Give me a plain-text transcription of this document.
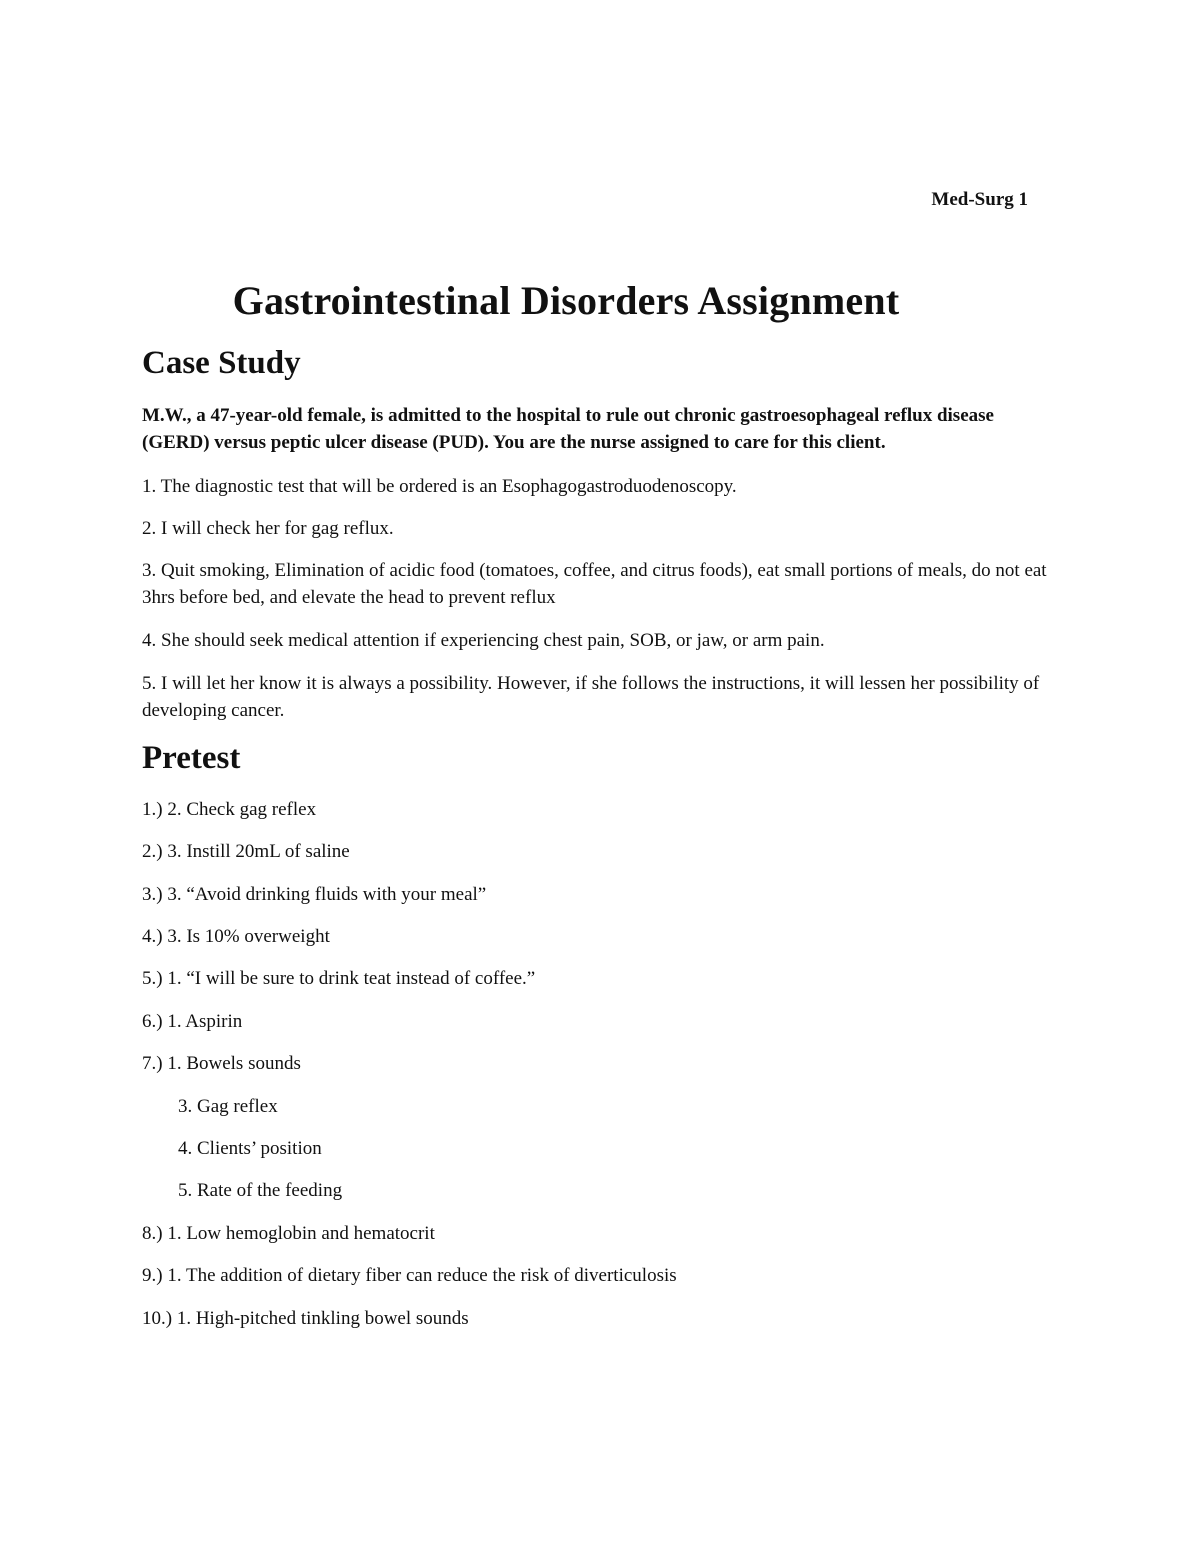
Med-Surg 1
Gastrointestinal Disorders Assignment
Case Study

M.W., a 47-year-old female, is admitted to the hospital to rule out chronic gastroesophageal reflux disease (GERD) versus peptic ulcer disease (PUD). You are the nurse assigned to care for this client.

1. The diagnostic test that will be ordered is an Esophagogastroduodenoscopy.

2. I will check her for gag reflux.

3. Quit smoking, Elimination of acidic food (tomatoes, coffee, and citrus foods), eat small portions of meals, do not eat 3hrs before bed, and elevate the head to prevent reflux

4. She should seek medical attention if experiencing chest pain, SOB, or jaw, or arm pain.

5. I will let her know it is always a possibility. However, if she follows the instructions, it will lessen her possibility of developing cancer.

Pretest

1.) 2. Check gag reflex

2.) 3. Instill 20mL of saline

3.) 3. “Avoid drinking fluids with your meal”

4.) 3. Is 10% overweight

5.) 1. “I will be sure to drink teat instead of coffee.”

6.) 1. Aspirin

7.) 1. Bowels sounds

3. Gag reflex

4. Clients’ position

5. Rate of the feeding

8.) 1. Low hemoglobin and hematocrit

9.) 1. The addition of dietary fiber can reduce the risk of diverticulosis

10.) 1. High-pitched tinkling bowel sounds
